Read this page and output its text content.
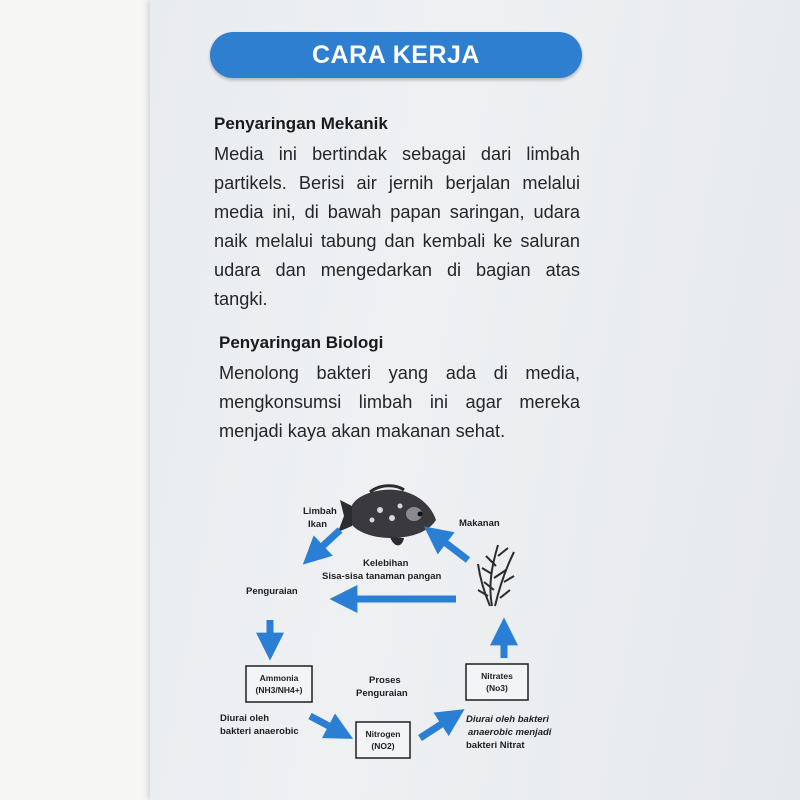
CARA KERJA
Penyaringan Mekanik

Media ini bertindak sebagai dari limbah partikels. Berisi air jernih berjalan melalui media ini, di bawah papan saringan, udara naik melalui tabung dan kembali ke saluran udara dan mengedarkan di bagian atas tangki.

Penyaringan Biologi

Menolong bakteri yang ada di media, mengkonsumsi limbah ini agar mereka menjadi kaya akan makanan sehat.

Limbah
Ikan	Makanan
Kelebihan
Sisa-sisa tanaman pangan
Penguraian
Proses
Penguraian
Ammonia
(NH3/NH4+)
Nitrogen
(NO2)
Nitrates
(No3)
Diurai oleh
bakteri anaerobic
Diurai oleh bakteri
anaerobic menjadi
bakteri Nitrat
